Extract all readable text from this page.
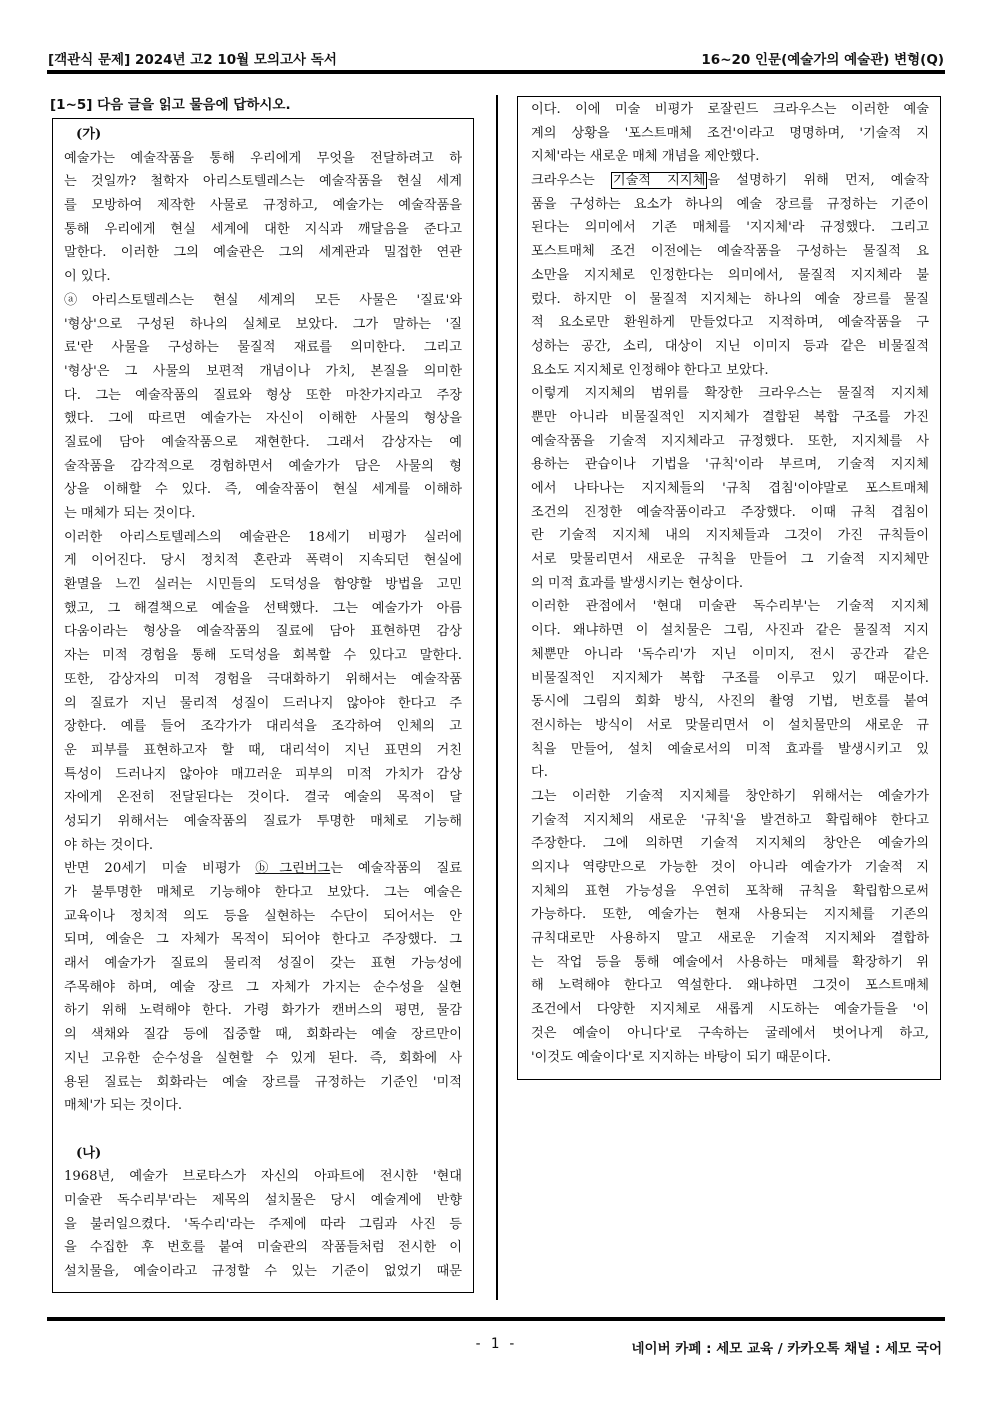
[객관식 문제] 2024년 고2 10월 모의고사 독서	16~20 인문(예술가의 예술관) 변형(Q)
[1~5] 다음 글을 읽고 물음에 답하시오.
(가)
예술가는 예술작품을 통해 우리에게 무엇을 전달하려고 하
는 것일까? 철학자 아리스토텔레스는 예술작품을 현실 세계
를 모방하여 제작한 사물로 규정하고, 예술가는 예술작품을
통해 우리에게 현실 세계에 대한 지식과 깨달음을 준다고
말한다. 이러한 그의 예술관은 그의 세계관과 밀접한 연관
이 있다.
ⓐ아리스토텔레스는 현실 세계의 모든 사물은 '질료'와
'형상'으로 구성된 하나의 실체로 보았다. 그가 말하는 '질
료'란 사물을 구성하는 물질적 재료를 의미한다. 그리고
'형상'은 그 사물의 보편적 개념이나 가치, 본질을 의미한
다. 그는 예술작품의 질료와 형상 또한 마찬가지라고 주장
했다. 그에 따르면 예술가는 자신이 이해한 사물의 형상을
질료에 담아 예술작품으로 재현한다. 그래서 감상자는 예
술작품을 감각적으로 경험하면서 예술가가 담은 사물의 형
상을 이해할 수 있다. 즉, 예술작품이 현실 세계를 이해하
는 매체가 되는 것이다.
이러한 아리스토텔레스의 예술관은 18세기 비평가 실러에
게 이어진다. 당시 정치적 혼란과 폭력이 지속되던 현실에
환멸을 느낀 실러는 시민들의 도덕성을 함양할 방법을 고민
했고, 그 해결책으로 예술을 선택했다. 그는 예술가가 아름
다움이라는 형상을 예술작품의 질료에 담아 표현하면 감상
자는 미적 경험을 통해 도덕성을 회복할 수 있다고 말한다.
또한, 감상자의 미적 경험을 극대화하기 위해서는 예술작품
의 질료가 지닌 물리적 성질이 드러나지 않아야 한다고 주
장한다. 예를 들어 조각가가 대리석을 조각하여 인체의 고
운 피부를 표현하고자 할 때, 대리석이 지닌 표면의 거친
특성이 드러나지 않아야 매끄러운 피부의 미적 가치가 감상
자에게 온전히 전달된다는 것이다. 결국 예술의 목적이 달
성되기 위해서는 예술작품의 질료가 투명한 매체로 기능해
야 하는 것이다.
반면 20세기 미술 비평가 ⓑ그린버그는 예술작품의 질료
가 불투명한 매체로 기능해야 한다고 보았다. 그는 예술은
교육이나 정치적 의도 등을 실현하는 수단이 되어서는 안
되며, 예술은 그 자체가 목적이 되어야 한다고 주장했다. 그
래서 예술가가 질료의 물리적 성질이 갖는 표현 가능성에
주목해야 하며, 예술 장르 그 자체가 가지는 순수성을 실현
하기 위해 노력해야 한다. 가령 화가가 캔버스의 평면, 물감
의 색채와 질감 등에 집중할 때, 회화라는 예술 장르만이
지닌 고유한 순수성을 실현할 수 있게 된다. 즉, 회화에 사
용된 질료는 회화라는 예술 장르를 규정하는 기준인 '미적
매체'가 되는 것이다.
(나)
1968년, 예술가 브로타스가 자신의 아파트에 전시한 '현대
미술관 독수리부'라는 제목의 설치물은 당시 예술계에 반향
을 불러일으켰다. '독수리'라는 주제에 따라 그림과 사진 등
을 수집한 후 번호를 붙여 미술관의 작품들처럼 전시한 이
설치물을, 예술이라고 규정할 수 있는 기준이 없었기 때문
이다. 이에 미술 비평가 로잘린드 크라우스는 이러한 예술
계의 상황을 '포스트매체 조건'이라고 명명하며, '기술적 지
지체'라는 새로운 매체 개념을 제안했다.
크라우스는 기술적 지지체 을 설명하기 위해 먼저, 예술작
품을 구성하는 요소가 하나의 예술 장르를 규정하는 기준이
된다는 의미에서 기존 매체를 '지지체'라 규정했다. 그리고
포스트매체 조건 이전에는 예술작품을 구성하는 물질적 요
소만을 지지체로 인정한다는 의미에서, 물질적 지지체라 불
렀다. 하지만 이 물질적 지지체는 하나의 예술 장르를 물질
적 요소로만 환원하게 만들었다고 지적하며, 예술작품을 구
성하는 공간, 소리, 대상이 지닌 이미지 등과 같은 비물질적
요소도 지지체로 인정해야 한다고 보았다.
이렇게 지지체의 범위를 확장한 크라우스는 물질적 지지체
뿐만 아니라 비물질적인 지지체가 결합된 복합 구조를 가진
예술작품을 기술적 지지체라고 규정했다. 또한, 지지체를 사
용하는 관습이나 기법을 '규칙'이라 부르며, 기술적 지지체
에서 나타나는 지지체들의 '규칙 겹침'이야말로 포스트매체
조건의 진정한 예술작품이라고 주장했다. 이때 규칙 겹침이
란 기술적 지지체 내의 지지체들과 그것이 가진 규칙들이
서로 맞물리면서 새로운 규칙을 만들어 그 기술적 지지체만
의 미적 효과를 발생시키는 현상이다.
이러한 관점에서 '현대 미술관 독수리부'는 기술적 지지체
이다. 왜냐하면 이 설치물은 그림, 사진과 같은 물질적 지지
체뿐만 아니라 '독수리'가 지닌 이미지, 전시 공간과 같은
비물질적인 지지체가 복합 구조를 이루고 있기 때문이다.
동시에 그림의 회화 방식, 사진의 촬영 기법, 번호를 붙여
전시하는 방식이 서로 맞물리면서 이 설치물만의 새로운 규
칙을 만들어, 설치 예술로서의 미적 효과를 발생시키고 있
다.
그는 이러한 기술적 지지체를 창안하기 위해서는 예술가가
기술적 지지체의 새로운 '규칙'을 발견하고 확립해야 한다고
주장한다. 그에 의하면 기술적 지지체의 창안은 예술가의
의지나 역량만으로 가능한 것이 아니라 예술가가 기술적 지
지체의 표현 가능성을 우연히 포착해 규칙을 확립함으로써
가능하다. 또한, 예술가는 현재 사용되는 지지체를 기존의
규칙대로만 사용하지 말고 새로운 기술적 지지체와 결합하
는 작업 등을 통해 예술에서 사용하는 매체를 확장하기 위
해 노력해야 한다고 역설한다. 왜냐하면 그것이 포스트매체
조건에서 다양한 지지체로 새롭게 시도하는 예술가들을 '이
것은 예술이 아니다'로 구속하는 굴레에서 벗어나게 하고,
'이것도 예술이다'로 지지하는 바탕이 되기 때문이다.
- 1 -	네이버 카페 : 세모 교육 / 카카오톡 채널 : 세모 국어
